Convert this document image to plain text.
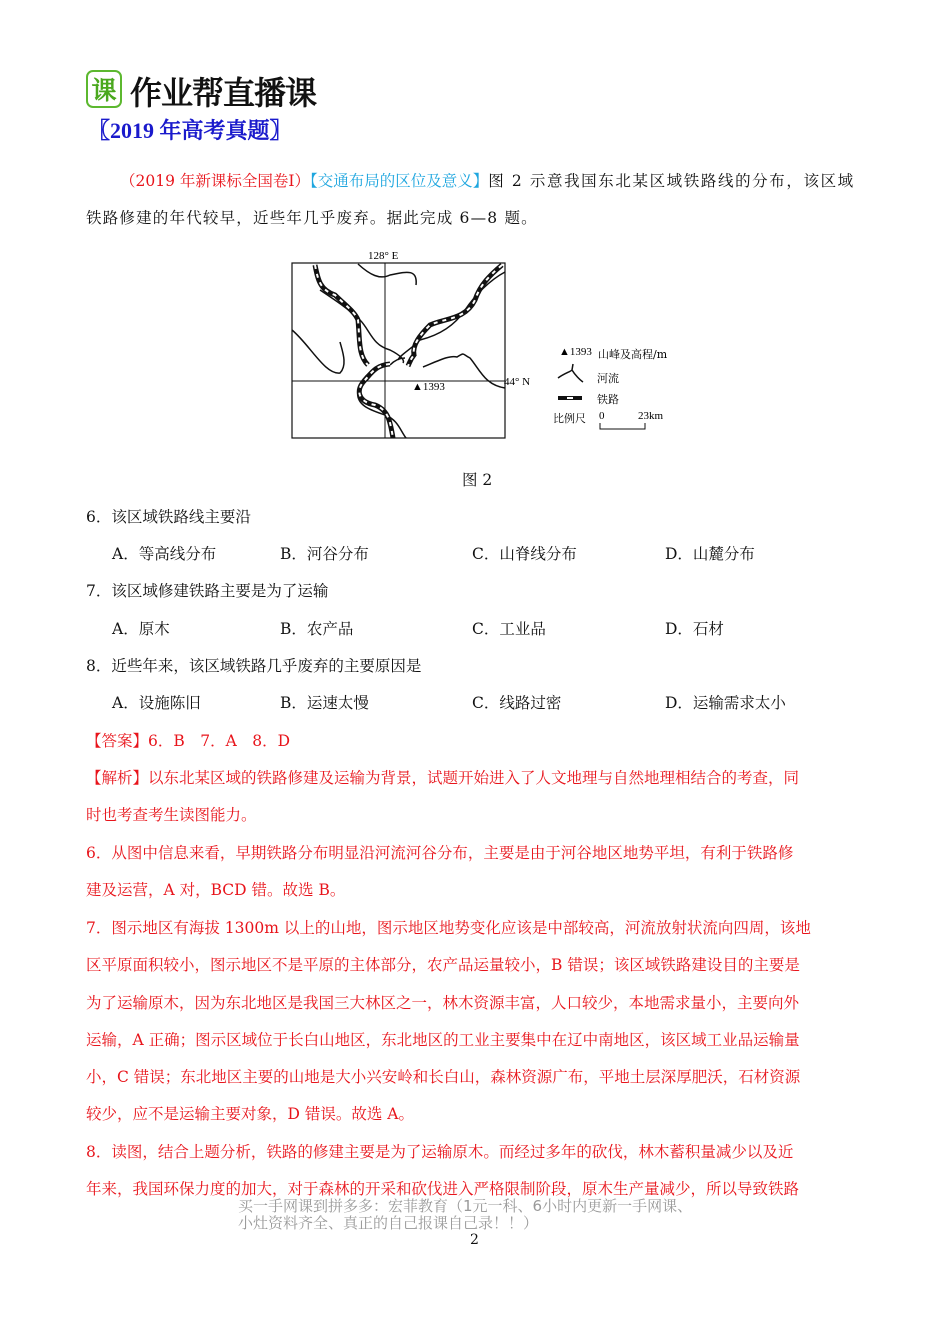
课 作业帮直播课
〖2019 年高考真题〗
（2019 年新课标全国卷I）【交通布局的区位及意义】图 2 示意我国东北某区域铁路线的分布，该区域
铁路修建的年代较早，近些年几乎废弃。据此完成 6—8 题。
128° E
44° N
▲1393
▲1393 山峰及高程/m
河流
铁路
比例尺 0	23km
图 2
6．该区域铁路线主要沿
A．等高线分布	B．河谷分布	C．山脊线分布	D．山麓分布
7．该区域修建铁路主要是为了运输
A．原木	B．农产品	C．工业品	D．石材
8．近些年来，该区域铁路几乎废弃的主要原因是
A．设施陈旧	B．运速太慢	C．线路过密	D．运输需求太小
【答案】6．B　7．A　8．D
【解析】以东北某区域的铁路修建及运输为背景，试题开始进入了人文地理与自然地理相结合的考查，同
时也考查考生读图能力。
6．从图中信息来看，早期铁路分布明显沿河流河谷分布，主要是由于河谷地区地势平坦，有利于铁路修
建及运营，A 对，BCD 错。故选 B。
7．图示地区有海拔 1300m 以上的山地，图示地区地势变化应该是中部较高，河流放射状流向四周，该地
区平原面积较小，图示地区不是平原的主体部分，农产品运量较小，B 错误；该区域铁路建设目的主要是
为了运输原木，因为东北地区是我国三大林区之一，林木资源丰富，人口较少，本地需求量小，主要向外
运输，A 正确；图示区域位于长白山地区，东北地区的工业主要集中在辽中南地区，该区域工业品运输量
小，C 错误；东北地区主要的山地是大小兴安岭和长白山，森林资源广布，平地土层深厚肥沃，石材资源
较少，应不是运输主要对象，D 错误。故选 A。
8．读图，结合上题分析，铁路的修建主要是为了运输原木。而经过多年的砍伐，林木蓄积量减少以及近
年来，我国环保力度的加大，对于森林的开采和砍伐进入严格限制阶段，原木生产量减少，所以导致铁路
买一手网课到拼多多：宏菲教育（1元一科、6小时内更新一手网课、
小灶资料齐全、真正的自己报课自己录！！）
2
